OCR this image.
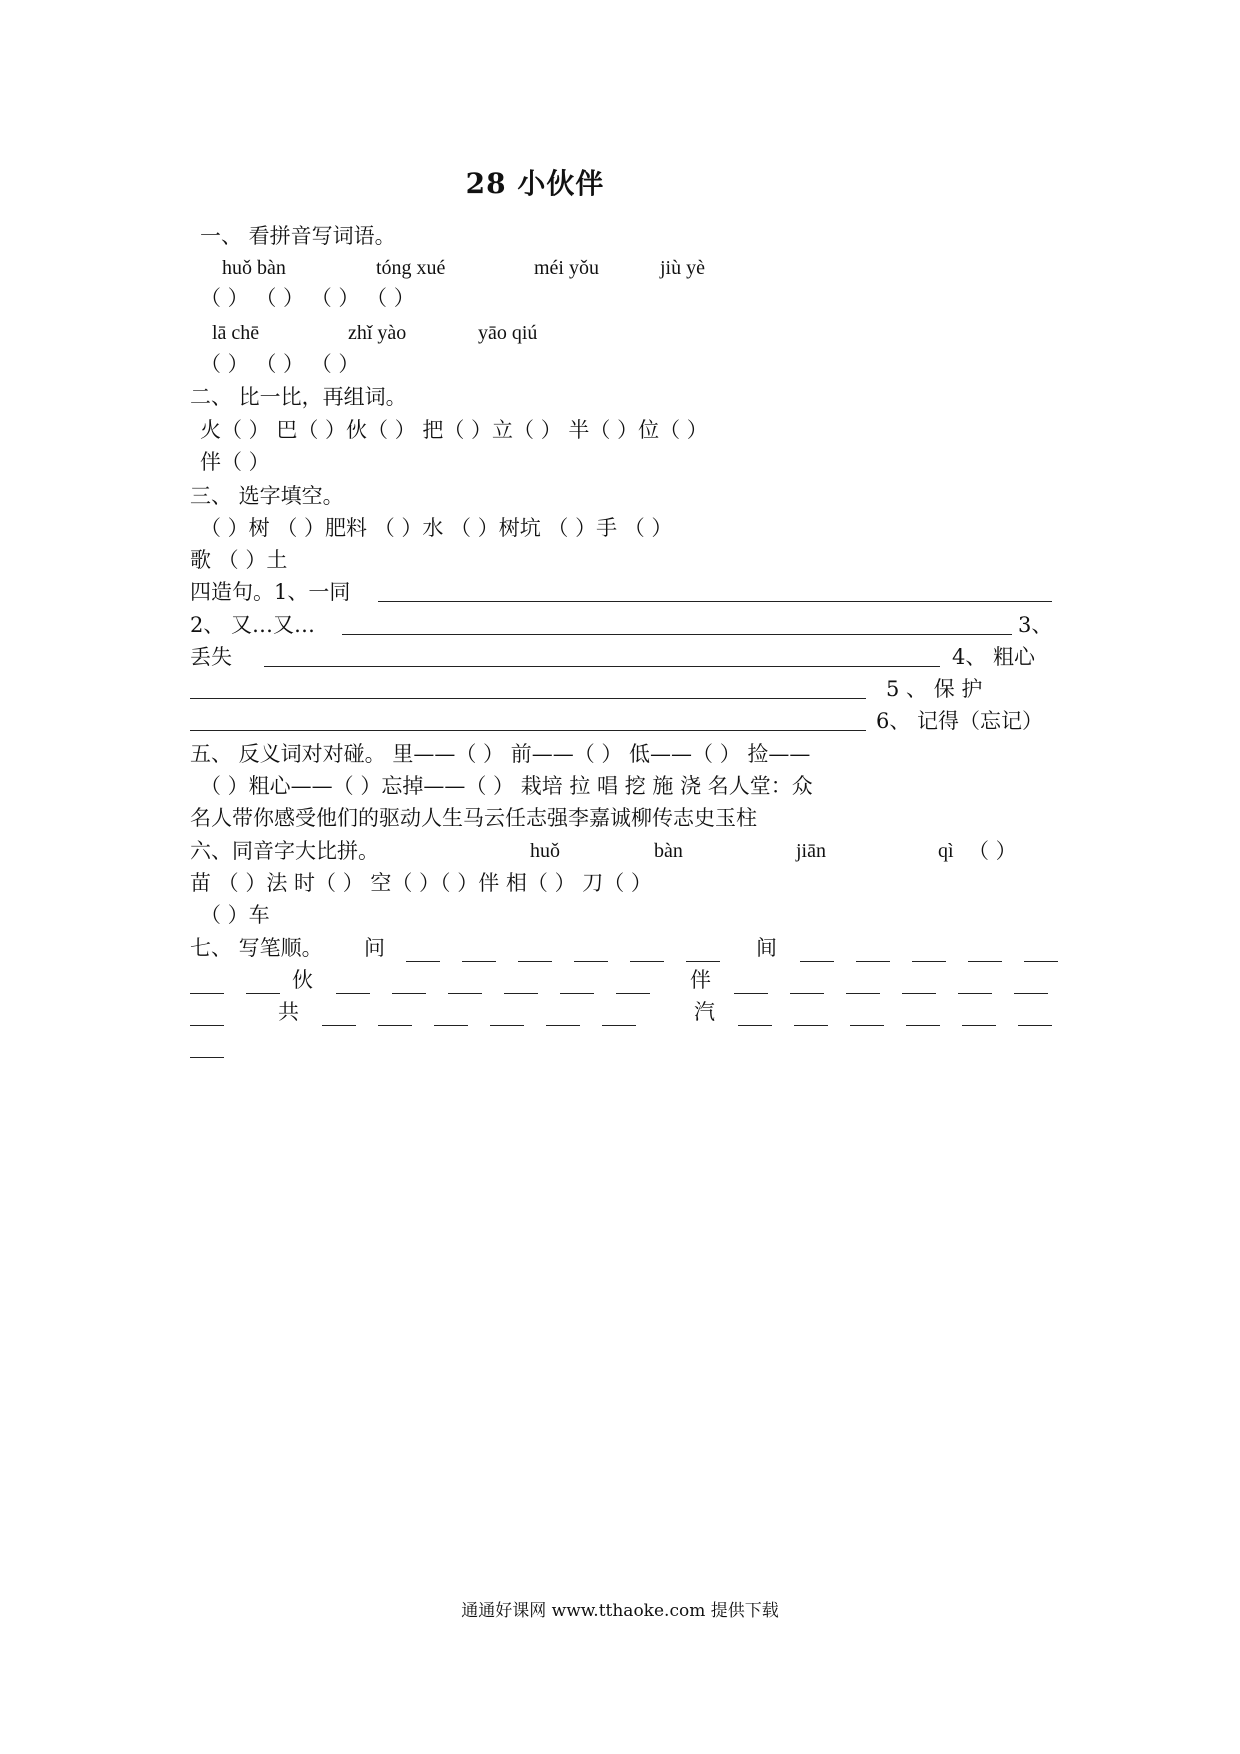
28 小伙伴
一、 看拼音写词语。
huǒ bàn	tóng xué	méi yǒu	jiù yè
（ ） （ ） （ ） （ ）
lā chē	zhǐ yào	yāo qiú
（ ） （ ） （ ）
二、 比一比，再组词。
火（ ） 巴（ ）伙（ ） 把（ ）立（ ） 半（ ）位（ ）
伴（ ）
三、 选字填空。
（ ）树 （ ）肥料 （ ）水 （ ）树坑 （ ）手 （ ）
歌 （ ）土
四造句。1、一同
2、 又…又…	3、
丢失	4、 粗心
5 、 保 护
6、 记得（忘记）
五、 反义词对对碰。 里——（ ） 前——（ ） 低——（ ） 捡——
（ ）粗心——（ ）忘掉——（ ） 栽培 拉 唱 挖 施 浇 名人堂：众
名人带你感受他们的驱动人生马云任志强李嘉诚柳传志史玉柱
六、同音字大比拼。	huǒ	bàn	jiān	qì （ ）
苗 （ ）法 时（ ） 空（ ）（ ）伴 相（ ） 刀（ ）
（ ）车
七、 写笔顺。 问	间
伙	伴
共	汽
通通好课网 www.tthaoke.com 提供下载
